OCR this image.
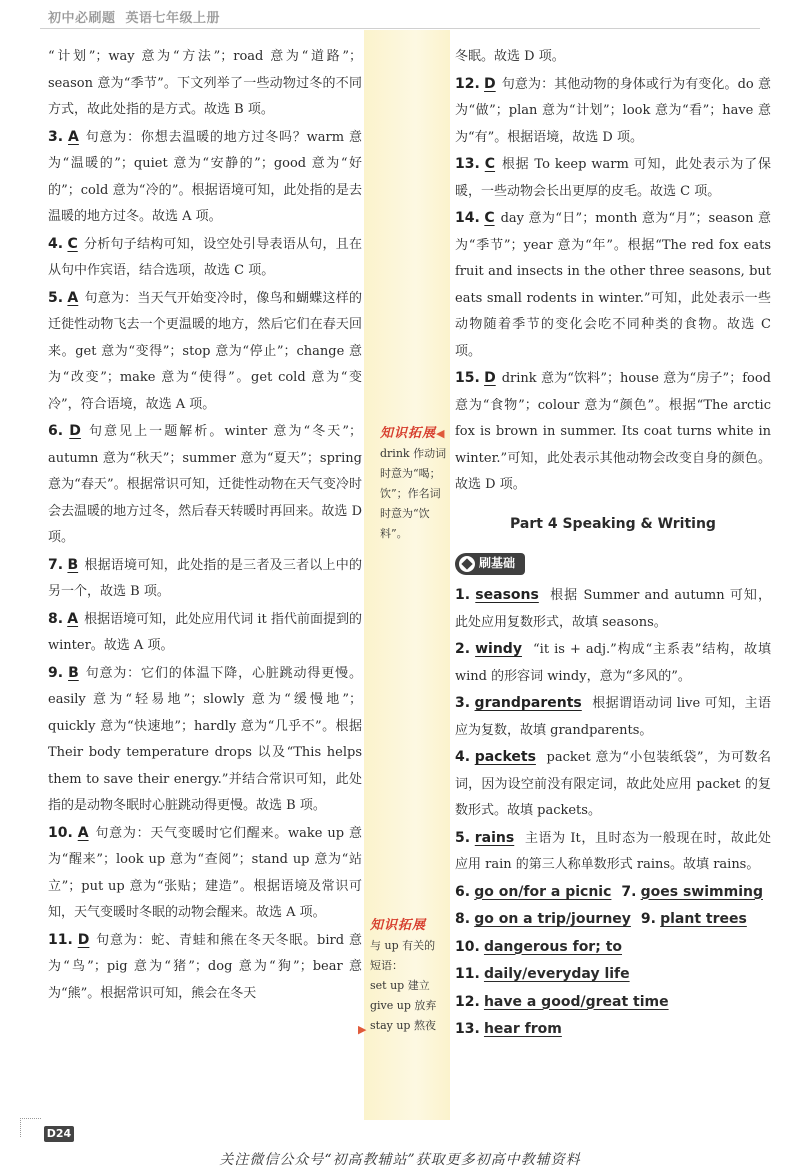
初中必刷题 英语七年级上册

“计划”；way 意为“方法”；road 意为“道路”；season 意为“季节”。下文列举了一些动物过冬的不同方式，故此处指的是方式。故选 B 项。

3. A 句意为：你想去温暖的地方过冬吗？warm 意为“温暖的”；quiet 意为“安静的”；good 意为“好的”；cold 意为“冷的”。根据语境可知，此处指的是去温暖的地方过冬。故选 A 项。

4. C 分析句子结构可知，设空处引导表语从句，且在从句中作宾语，结合选项，故选 C 项。

5. A 句意为：当天气开始变冷时，像鸟和蝴蝶这样的迁徙性动物飞去一个更温暖的地方，然后它们在春天回来。get 意为“变得”；stop 意为“停止”；change 意为“改变”；make 意为“使得”。get cold 意为“变冷”，符合语境，故选 A 项。

6. D 句意见上一题解析。winter 意为“冬天”；autumn 意为“秋天”；summer 意为“夏天”；spring 意为“春天”。根据常识可知，迁徙性动物在天气变冷时会去温暖的地方过冬，然后春天转暖时再回来。故选 D 项。

7. B 根据语境可知，此处指的是三者及三者以上中的另一个，故选 B 项。

8. A 根据语境可知，此处应用代词 it 指代前面提到的 winter。故选 A 项。

9. B 句意为：它们的体温下降，心脏跳动得更慢。easily 意为“轻易地”；slowly 意为“缓慢地”；quickly 意为“快速地”；hardly 意为“几乎不”。根据 Their body temperature drops 以及“This helps them to save their energy.”并结合常识可知，此处指的是动物冬眠时心脏跳动得更慢。故选 B 项。

10. A 句意为：天气变暖时它们醒来。wake up 意为“醒来”；look up 意为“查阅”；stand up 意为“站立”；put up 意为“张贴；建造”。根据语境及常识可知，天气变暖时冬眠的动物会醒来。故选 A 项。

11. D 句意为：蛇、青蛙和熊在冬天冬眠。bird 意为“鸟”；pig 意为“猪”；dog 意为“狗”；bear 意为“熊”。根据常识可知，熊会在冬天

冬眠。故选 D 项。

12. D 句意为：其他动物的身体或行为有变化。do 意为“做”；plan 意为“计划”；look 意为“看”；have 意为“有”。根据语境，故选 D 项。

13. C 根据 To keep warm 可知，此处表示为了保暖，一些动物会长出更厚的皮毛。故选 C 项。

14. C day 意为“日”；month 意为“月”；season 意为“季节”；year 意为“年”。根据“The red fox eats fruit and insects in the other three seasons, but eats small rodents in winter.”可知，此处表示一些动物随着季节的变化会吃不同种类的食物。故选 C 项。

15. D drink 意为“饮料”；house 意为“房子”；food 意为“食物”；colour 意为“颜色”。根据“The arctic fox is brown in summer. Its coat turns white in winter.”可知，此处表示其他动物会改变自身的颜色。故选 D 项。

Part 4 Speaking & Writing
刷基础

1. seasons 根据 Summer and autumn 可知，此处应用复数形式，故填 seasons。

2. windy “it is + adj.”构成“主系表”结构，故填 wind 的形容词 windy，意为“多风的”。

3. grandparents 根据谓语动词 live 可知，主语应为复数，故填 grandparents。

4. packets packet 意为“小包装纸袋”，为可数名词，因为设空前没有限定词，故此处应用 packet 的复数形式。故填 packets。

5. rains 主语为 It，且时态为一般现在时，故此处应用 rain 的第三人称单数形式 rains。故填 rains。

6. go on/for a picnic 7. goes swimming

8. go on a trip/journey 9. plant trees

10. dangerous for; to

11. daily/everyday life

12. have a good/great time

13. hear from

知识拓展◀
drink 作动词
时意为“喝；
饮”；作名词
时意为“饮
料”。
知识拓展
与 up 有关的
短语：
set up 建立
give up 放弃
stay up 熬夜
▶
D24
关注微信公众号“初高教辅站”获取更多初高中教辅资料
